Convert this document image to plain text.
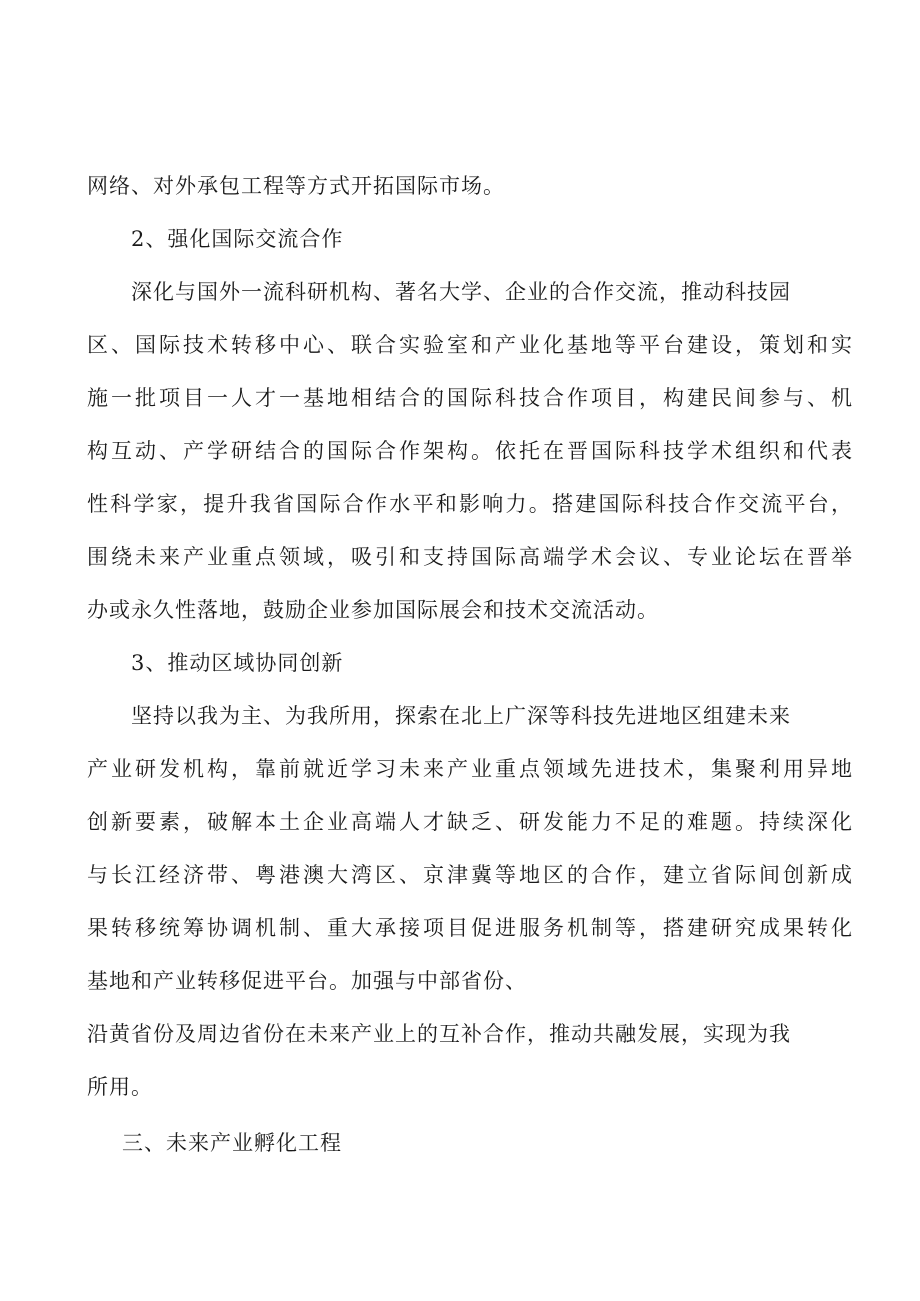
网络、对外承包工程等方式开拓国际市场。
2、强化国际交流合作
深化与国外一流科研机构、著名大学、企业的合作交流，推动科技园
区、国际技术转移中心、联合实验室和产业化基地等平台建设，策划和实
施一批项目一人才一基地相结合的国际科技合作项目，构建民间参与、机
构互动、产学研结合的国际合作架构。依托在晋国际科技学术组织和代表
性科学家，提升我省国际合作水平和影响力。搭建国际科技合作交流平台，
围绕未来产业重点领域，吸引和支持国际高端学术会议、专业论坛在晋举
办或永久性落地，鼓励企业参加国际展会和技术交流活动。
3、推动区域协同创新
坚持以我为主、为我所用，探索在北上广深等科技先进地区组建未来
产业研发机构，靠前就近学习未来产业重点领域先进技术，集聚利用异地
创新要素，破解本土企业高端人才缺乏、研发能力不足的难题。持续深化
与长江经济带、粤港澳大湾区、京津冀等地区的合作，建立省际间创新成
果转移统筹协调机制、重大承接项目促进服务机制等，搭建研究成果转化
基地和产业转移促进平台。加强与中部省份、
沿黄省份及周边省份在未来产业上的互补合作，推动共融发展，实现为我
所用。
三、未来产业孵化工程
